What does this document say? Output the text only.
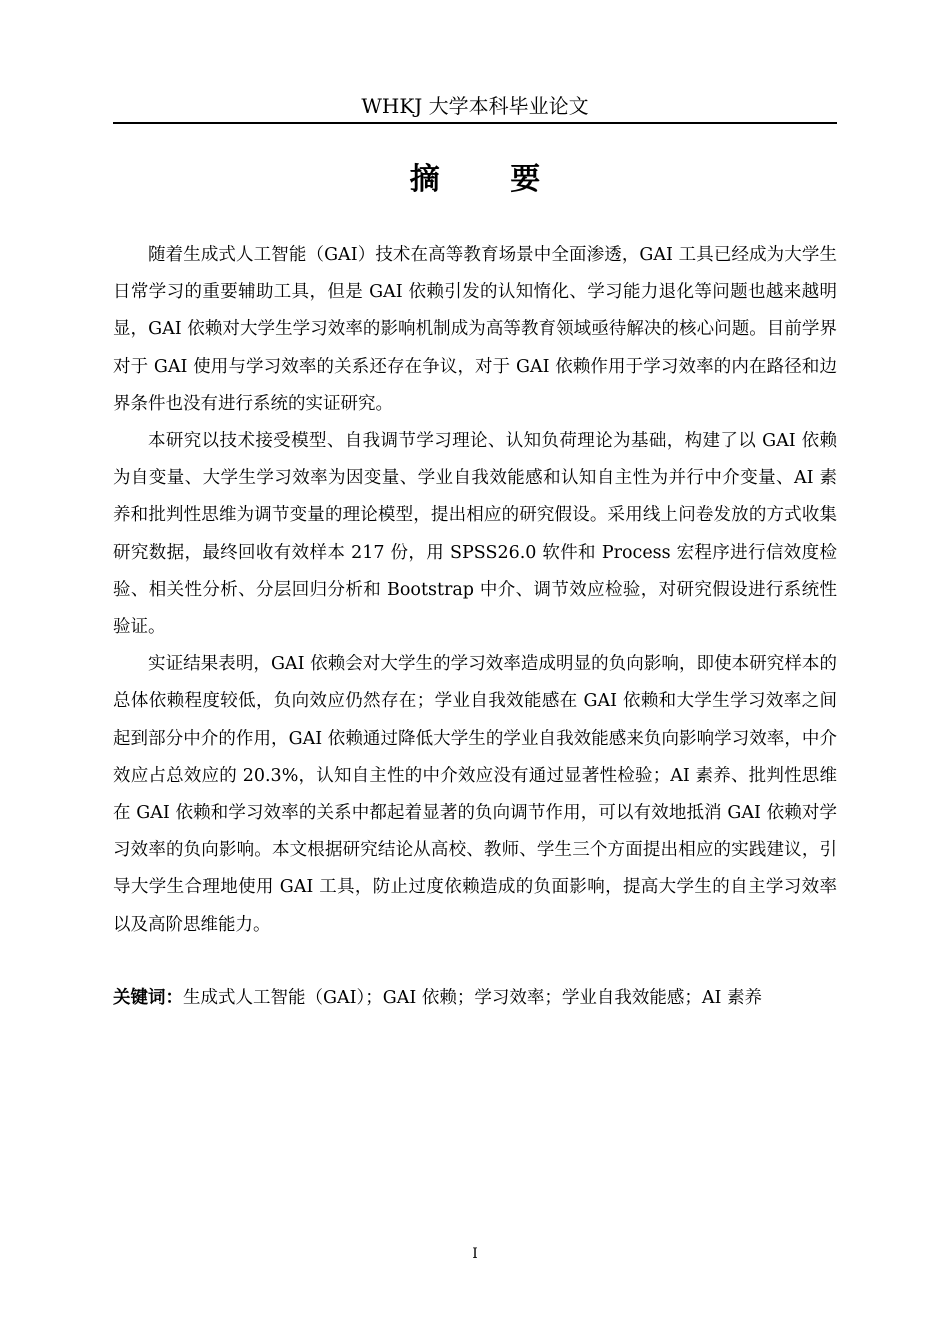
WHKJ 大学本科毕业论文
摘 要

随着生成式人工智能（GAI）技术在高等教育场景中全面渗透，GAI 工具已经成为大学生日常学习的重要辅助工具，但是 GAI 依赖引发的认知惰化、学习能力退化等问题也越来越明显，GAI 依赖对大学生学习效率的影响机制成为高等教育领域亟待解决的核心问题。目前学界对于 GAI 使用与学习效率的关系还存在争议，对于 GAI 依赖作用于学习效率的内在路径和边界条件也没有进行系统的实证研究。

本研究以技术接受模型、自我调节学习理论、认知负荷理论为基础，构建了以 GAI 依赖为自变量、大学生学习效率为因变量、学业自我效能感和认知自主性为并行中介变量、AI 素养和批判性思维为调节变量的理论模型，提出相应的研究假设。采用线上问卷发放的方式收集研究数据，最终回收有效样本 217 份，用 SPSS26.0 软件和 Process 宏程序进行信效度检验、相关性分析、分层回归分析和 Bootstrap 中介、调节效应检验，对研究假设进行系统性验证。

实证结果表明，GAI 依赖会对大学生的学习效率造成明显的负向影响，即使本研究样本的总体依赖程度较低，负向效应仍然存在；学业自我效能感在 GAI 依赖和大学生学习效率之间起到部分中介的作用，GAI 依赖通过降低大学生的学业自我效能感来负向影响学习效率，中介效应占总效应的 20.3%，认知自主性的中介效应没有通过显著性检验；AI 素养、批判性思维在 GAI 依赖和学习效率的关系中都起着显著的负向调节作用，可以有效地抵消 GAI 依赖对学习效率的负向影响。本文根据研究结论从高校、教师、学生三个方面提出相应的实践建议，引导大学生合理地使用 GAI 工具，防止过度依赖造成的负面影响，提高大学生的自主学习效率以及高阶思维能力。

关键词：生成式人工智能（GAI）；GAI 依赖；学习效率；学业自我效能感；AI 素养
I
